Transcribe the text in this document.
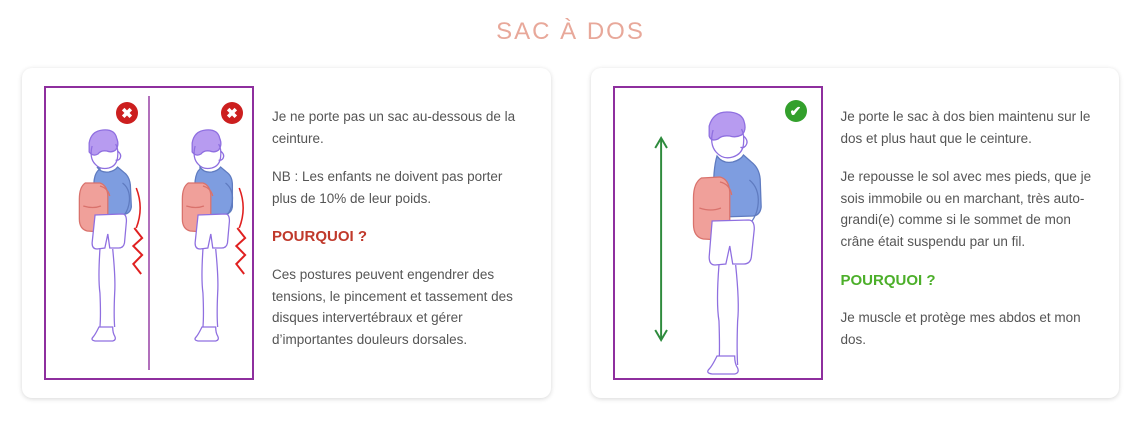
SAC À DOS
✖	✖	Je ne porte pas un sac au-dessous de la ceinture.

NB : Les enfants ne doivent pas porter plus de 10% de leur poids.

POURQUOI ?

Ces postures peuvent engendrer des tensions, le pincement et tassement des disques intervertébraux et gérer d’importantes douleurs dorsales.

✔	Je porte le sac à dos bien maintenu sur le dos et plus haut que le ceinture.

Je repousse le sol avec mes pieds, que je sois immobile ou en marchant, très auto-grandi(e) comme si le sommet de mon crâne était suspendu par un fil.

POURQUOI ?

Je muscle et protège mes abdos et mon dos.
